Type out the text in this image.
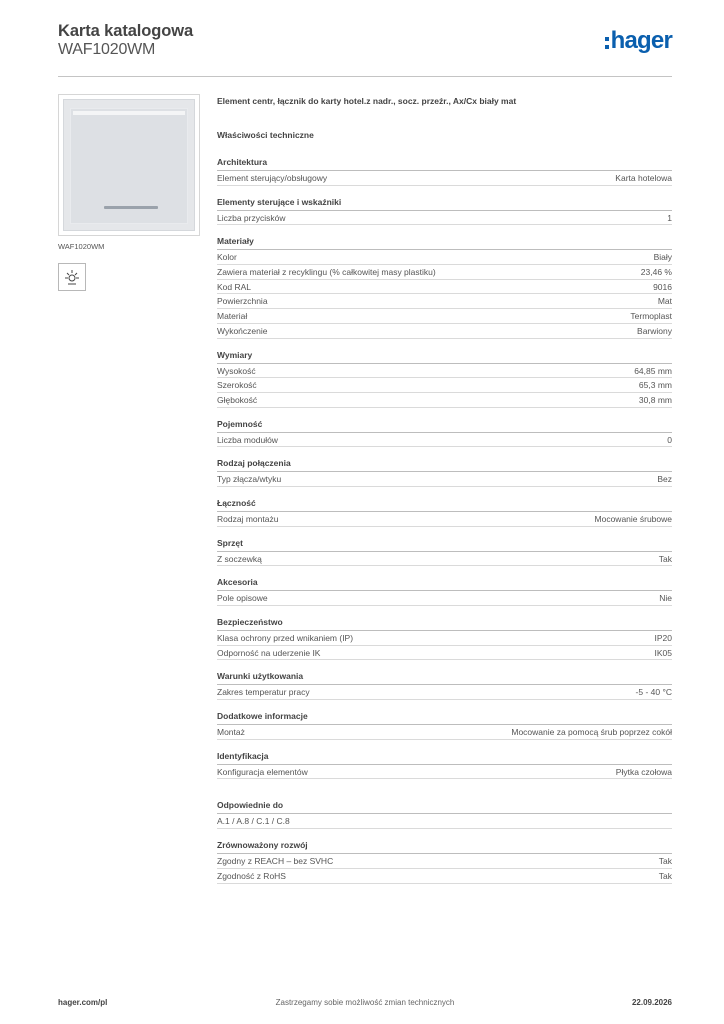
Karta katalogowa
WAF1020WM	hager
WAF1020WM
Element centr, łącznik do karty hotel.z nadr., socz. przeźr., Ax/Cx biały mat
Właściwości techniczne
Architektura
Element sterujący/obsługowy	Karta hotelowa
Elementy sterujące i wskaźniki
Liczba przycisków	1
Materiały
Kolor	Biały
Zawiera materiał z recyklingu (% całkowitej masy plastiku)	23,46 %
Kod RAL	9016
Powierzchnia	Mat
Materiał	Termoplast
Wykończenie	Barwiony
Wymiary
Wysokość	64,85 mm
Szerokość	65,3 mm
Głębokość	30,8 mm
Pojemność
Liczba modułów	0
Rodzaj połączenia
Typ złącza/wtyku	Bez
Łączność
Rodzaj montażu	Mocowanie śrubowe
Sprzęt
Z soczewką	Tak
Akcesoria
Pole opisowe	Nie
Bezpieczeństwo
Klasa ochrony przed wnikaniem (IP)	IP20
Odporność na uderzenie IK	IK05
Warunki użytkowania
Zakres temperatur pracy	-5 - 40 °C
Dodatkowe informacje
Montaż	Mocowanie za pomocą śrub poprzez cokół
Identyfikacja
Konfiguracja elementów	Płytka czołowa
Odpowiednie do
A.1 / A.8 / C.1 / C.8
Zrównoważony rozwój
Zgodny z REACH – bez SVHC	Tak
Zgodność z RoHS	Tak
hager.com/pl	Zastrzegamy sobie możliwość zmian technicznych	22.09.2026
